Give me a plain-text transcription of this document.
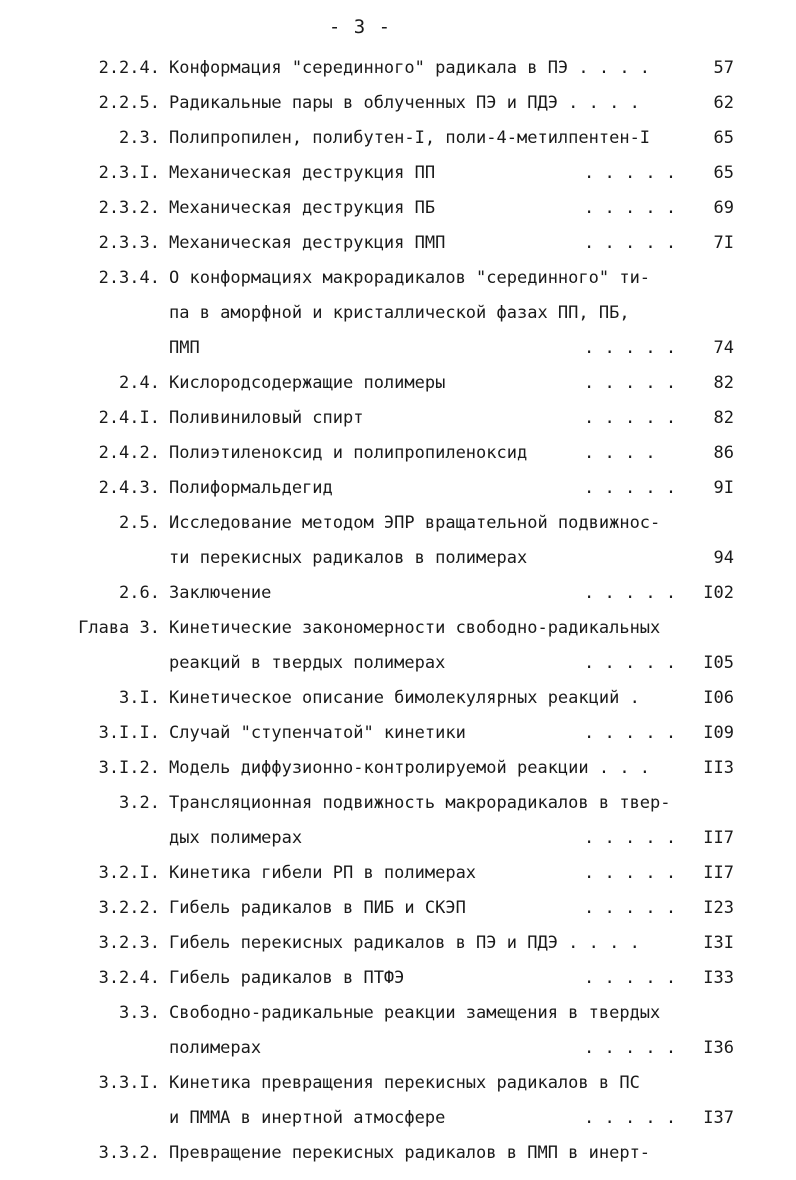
- 3 -
2.2.4. Конформация "серединного" радикала в ПЭ . . . .	57
2.2.5. Радикальные пары в облученных ПЭ и ПДЭ . . . .	62
2.3. Полипропилен, полибутен-I, поли-4-метилпентен-I	65
2.3.I. Механическая деструкция ПП	. . . . . 65
2.3.2. Механическая деструкция ПБ	. . . . . 69
2.3.3. Механическая деструкция ПМП	. . . . . 7I
2.3.4. О конформациях макрорадикалов "серединного" ти-
па в аморфной и кристаллической фазах ПП, ПБ,
ПМП	. . . . . 74
2.4. Кислородсодержащие полимеры	. . . . . 82
2.4.I. Поливиниловый спирт	. . . . . 82
2.4.2. Полиэтиленоксид и полипропиленоксид	. . . .	86
2.4.3. Полиформальдегид	. . . . . 9I
2.5. Исследование методом ЭПР вращательной подвижнос-
ти перекисных радикалов в полимерах	94
2.6. Заключение	. . . . . I02
Глава 3. Кинетические закономерности свободно-радикальных
реакций в твердых полимерах	. . . . . I05
3.I. Кинетическое описание бимолекулярных реакций .	I06
3.I.I. Случай "ступенчатой" кинетики	. . . . . I09
3.I.2. Модель диффузионно-контролируемой реакции . . .	II3
3.2. Трансляционная подвижность макрорадикалов в твер-
дых полимерах	. . . . . II7
3.2.I. Кинетика гибели РП в полимерах	. . . . . II7
3.2.2. Гибель радикалов в ПИБ и СКЭП	. . . . . I23
3.2.3. Гибель перекисных радикалов в ПЭ и ПДЭ . . . .	I3I
3.2.4. Гибель радикалов в ПТФЭ	. . . . . I33
3.3. Свободно-радикальные реакции замещения в твердых
полимерах	. . . . . I36
3.3.I. Кинетика превращения перекисных радикалов в ПС
и ПММА в инертной атмосфере	. . . . . I37
3.3.2. Превращение перекисных радикалов в ПМП в инерт-
